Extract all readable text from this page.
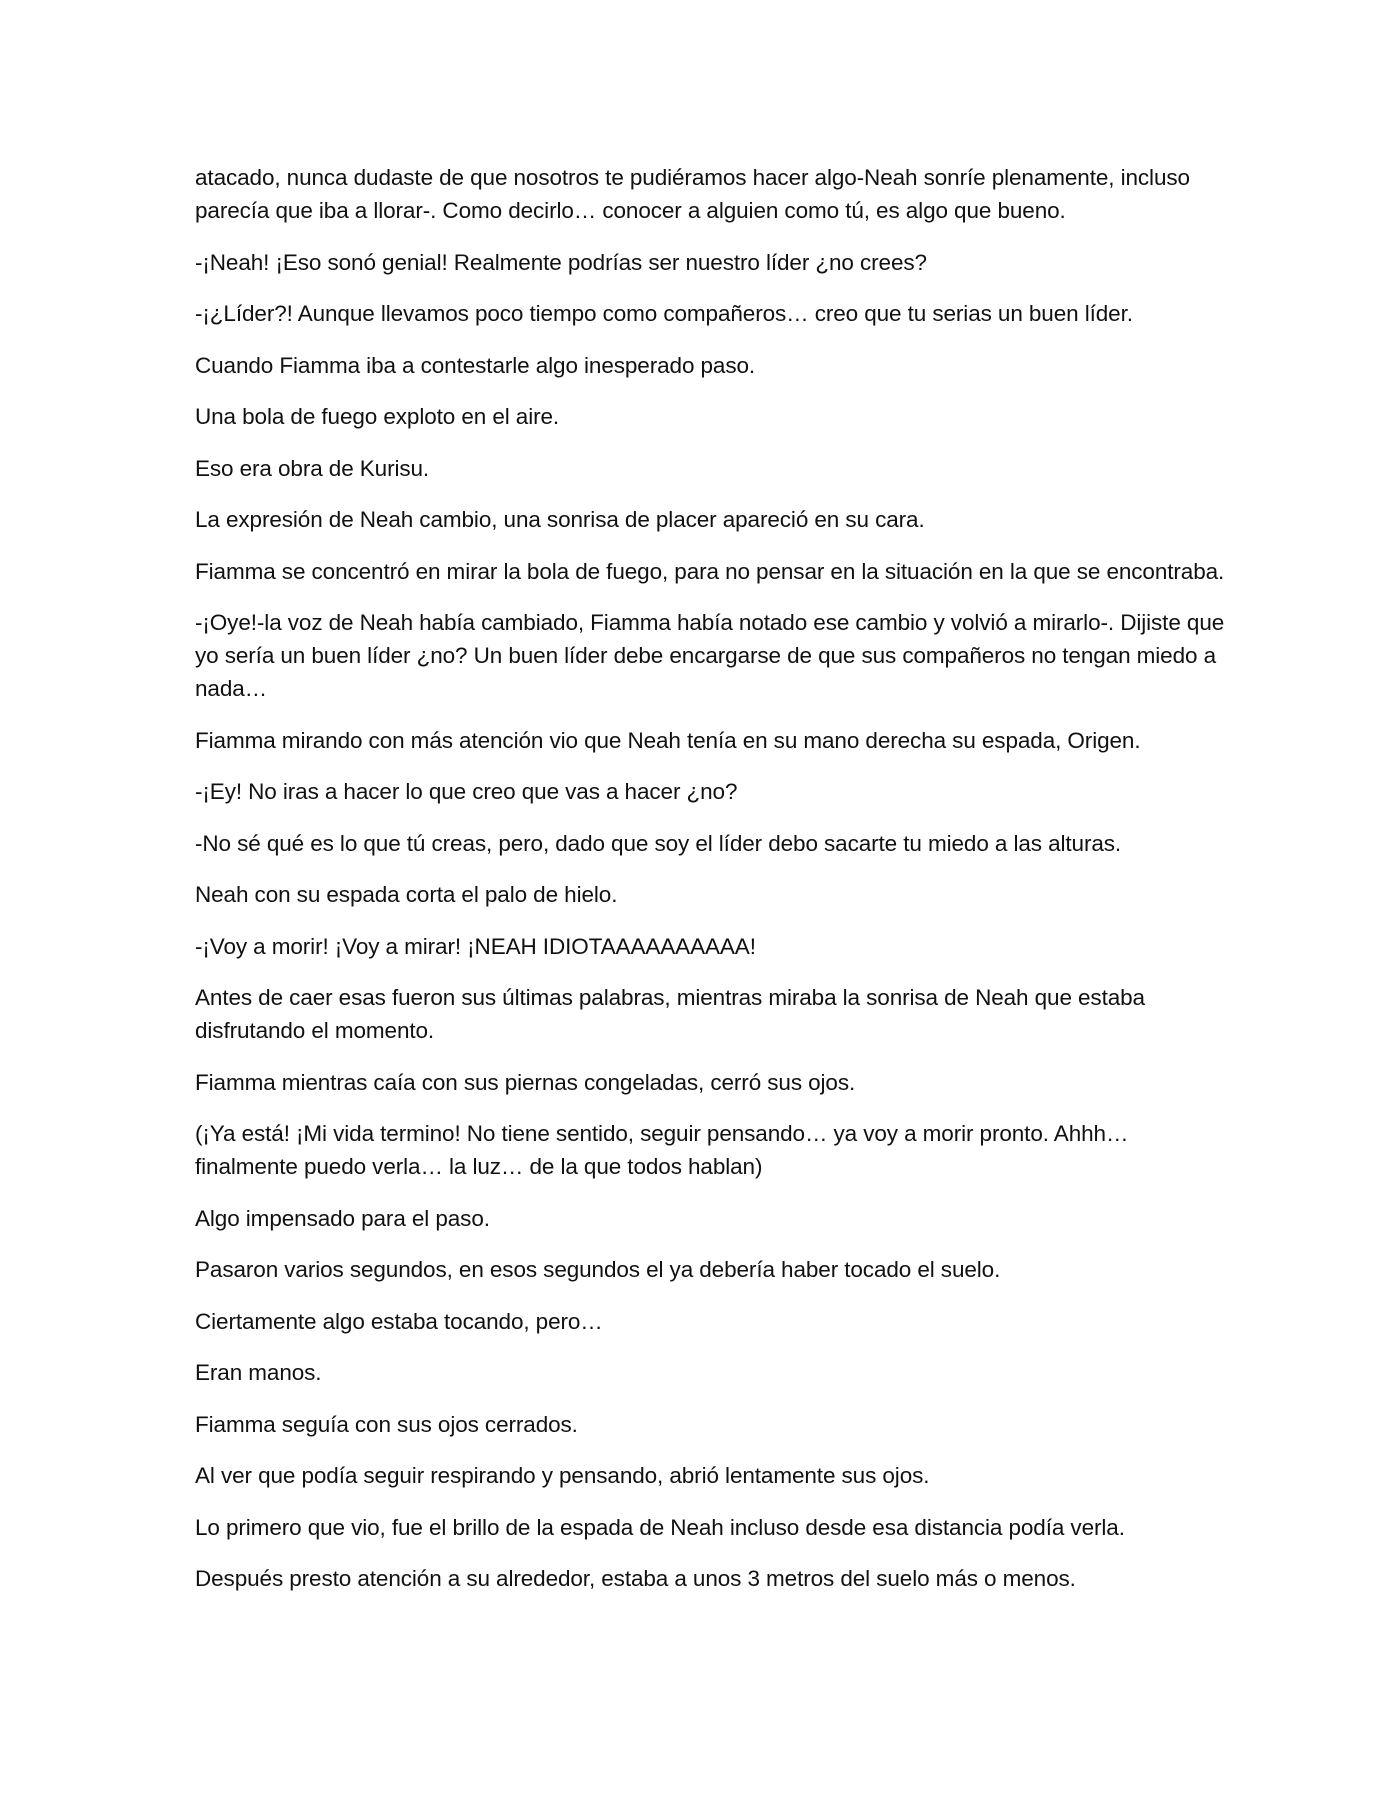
atacado, nunca dudaste de que nosotros te pudiéramos hacer algo-Neah sonríe plenamente, incluso parecía que iba a llorar-. Como decirlo… conocer a alguien como tú, es algo que bueno.

-¡Neah! ¡Eso sonó genial! Realmente podrías ser nuestro líder ¿no crees?

-¡¿Líder?! Aunque llevamos poco tiempo como compañeros… creo que tu serias un buen líder.

Cuando Fiamma iba a contestarle algo inesperado paso.

Una bola de fuego exploto en el aire.

Eso era obra de Kurisu.

La expresión de Neah cambio, una sonrisa de placer apareció en su cara.

Fiamma se concentró en mirar la bola de fuego, para no pensar en la situación en la que se encontraba.

-¡Oye!-la voz de Neah había cambiado, Fiamma había notado ese cambio y volvió a mirarlo-. Dijiste que yo sería un buen líder ¿no? Un buen líder debe encargarse de que sus compañeros no tengan miedo a nada…

Fiamma mirando con más atención vio que Neah tenía en su mano derecha su espada, Origen.

-¡Ey! No iras a hacer lo que creo que vas a hacer ¿no?

-No sé qué es lo que tú creas, pero, dado que soy el líder debo sacarte tu miedo a las alturas.

Neah con su espada corta el palo de hielo.

-¡Voy a morir! ¡Voy a mirar! ¡NEAH IDIOTAAAAAAAAAA!

Antes de caer esas fueron sus últimas palabras, mientras miraba la sonrisa de Neah que estaba disfrutando el momento.

Fiamma mientras caía con sus piernas congeladas, cerró sus ojos.

(¡Ya está! ¡Mi vida termino! No tiene sentido, seguir pensando… ya voy a morir pronto. Ahhh… finalmente puedo verla… la luz… de la que todos hablan)

Algo impensado para el paso.

Pasaron varios segundos, en esos segundos el ya debería haber tocado el suelo.

Ciertamente algo estaba tocando, pero…

Eran manos.

Fiamma seguía con sus ojos cerrados.

Al ver que podía seguir respirando y pensando, abrió lentamente sus ojos.

Lo primero que vio, fue el brillo de la espada de Neah incluso desde esa distancia podía verla.

Después presto atención a su alrededor, estaba a unos 3 metros del suelo más o menos.
